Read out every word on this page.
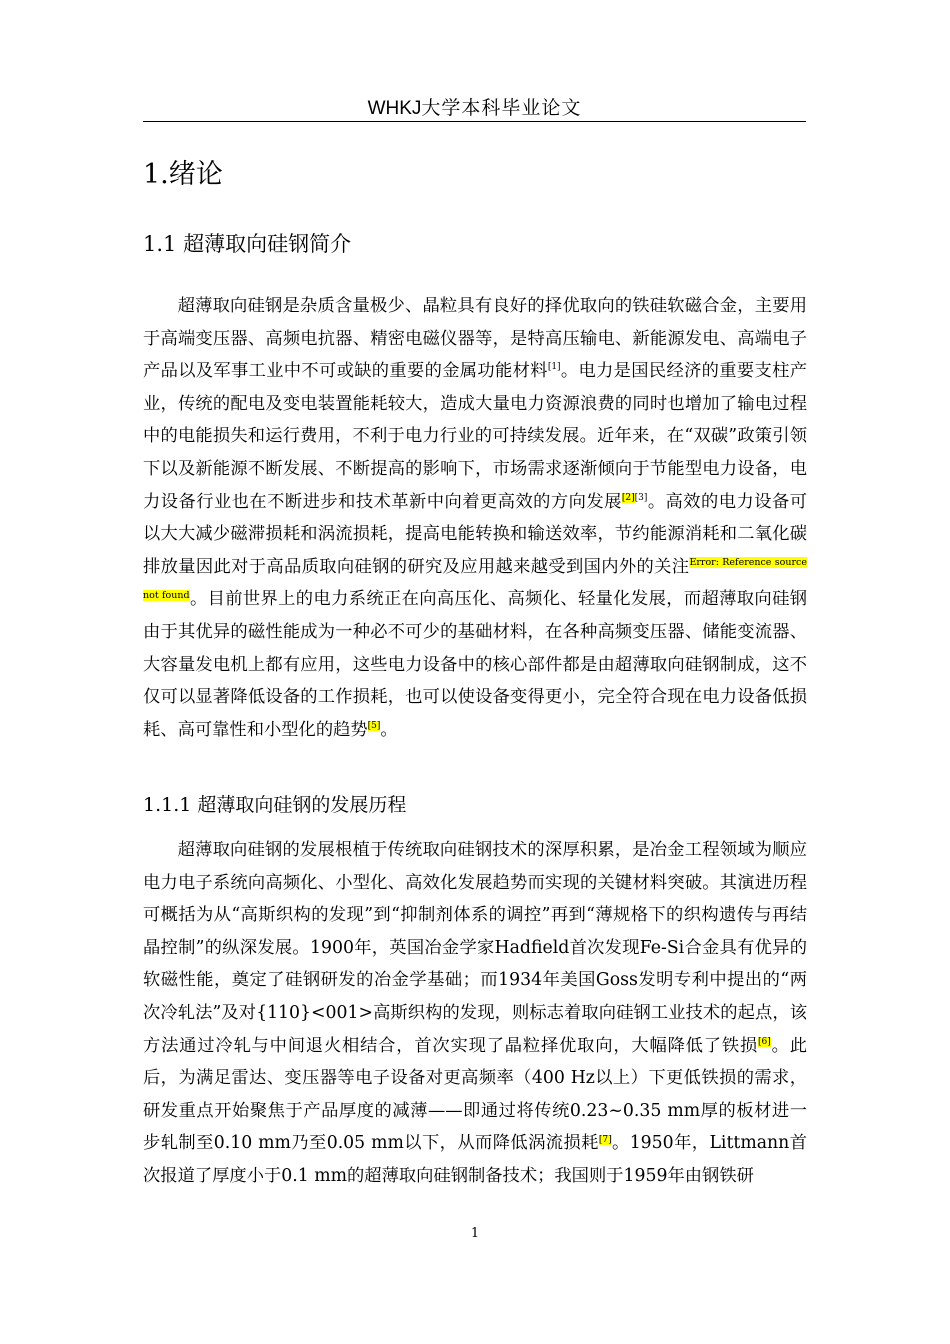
WHKJ大学本科毕业论文
1.绪论
1.1 超薄取向硅钢简介

超薄取向硅钢是杂质含量极少、晶粒具有良好的择优取向的铁硅软磁合金，主要用于高端变压器、高频电抗器、精密电磁仪器等，是特高压输电、新能源发电、高端电子产品以及军事工业中不可或缺的重要的金属功能材料[1]。电力是国民经济的重要支柱产业，传统的配电及变电装置能耗较大，造成大量电力资源浪费的同时也增加了输电过程中的电能损失和运行费用，不利于电力行业的可持续发展。近年来，在“双碳”政策引领下以及新能源不断发展、不断提高的影响下，市场需求逐渐倾向于节能型电力设备，电力设备行业也在不断进步和技术革新中向着更高效的方向发展[2][3]。高效的电力设备可以大大减少磁滞损耗和涡流损耗，提高电能转换和输送效率，节约能源消耗和二氧化碳排放量因此对于高品质取向硅钢的研究及应用越来越受到国内外的关注$^{Error: Reference source not found}$。目前世界上的电力系统正在向高压化、高频化、轻量化发展，而超薄取向硅钢由于其优异的磁性能成为一种必不可少的基础材料，在各种高频变压器、储能变流器、大容量发电机上都有应用，这些电力设备中的核心部件都是由超薄取向硅钢制成，这不仅可以显著降低设备的工作损耗，也可以使设备变得更小，完全符合现在电力设备低损耗、高可靠性和小型化的趋势[5]。

1.1.1 超薄取向硅钢的发展历程

超薄取向硅钢的发展根植于传统取向硅钢技术的深厚积累，是冶金工程领域为顺应电力电子系统向高频化、小型化、高效化发展趋势而实现的关键材料突破。其演进历程可概括为从“高斯织构的发现”到“抑制剂体系的调控”再到“薄规格下的织构遗传与再结晶控制”的纵深发展。1900年，英国冶金学家Hadfield首次发现Fe-Si合金具有优异的软磁性能，奠定了硅钢研发的冶金学基础；而1934年美国Goss发明专利中提出的“两次冷轧法”及对{110}<001>高斯织构的发现，则标志着取向硅钢工业技术的起点，该方法通过冷轧与中间退火相结合，首次实现了晶粒择优取向，大幅降低了铁损[6]。此后，为满足雷达、变压器等电子设备对更高频率（400 Hz以上）下更低铁损的需求，研发重点开始聚焦于产品厚度的减薄——即通过将传统0.23~0.35 mm厚的板材进一步轧制至0.10 mm乃至0.05 mm以下，从而降低涡流损耗[7]。1950年，Littmann首次报道了厚度小于0.1 mm的超薄取向硅钢制备技术；我国则于1959年由钢铁研

1
